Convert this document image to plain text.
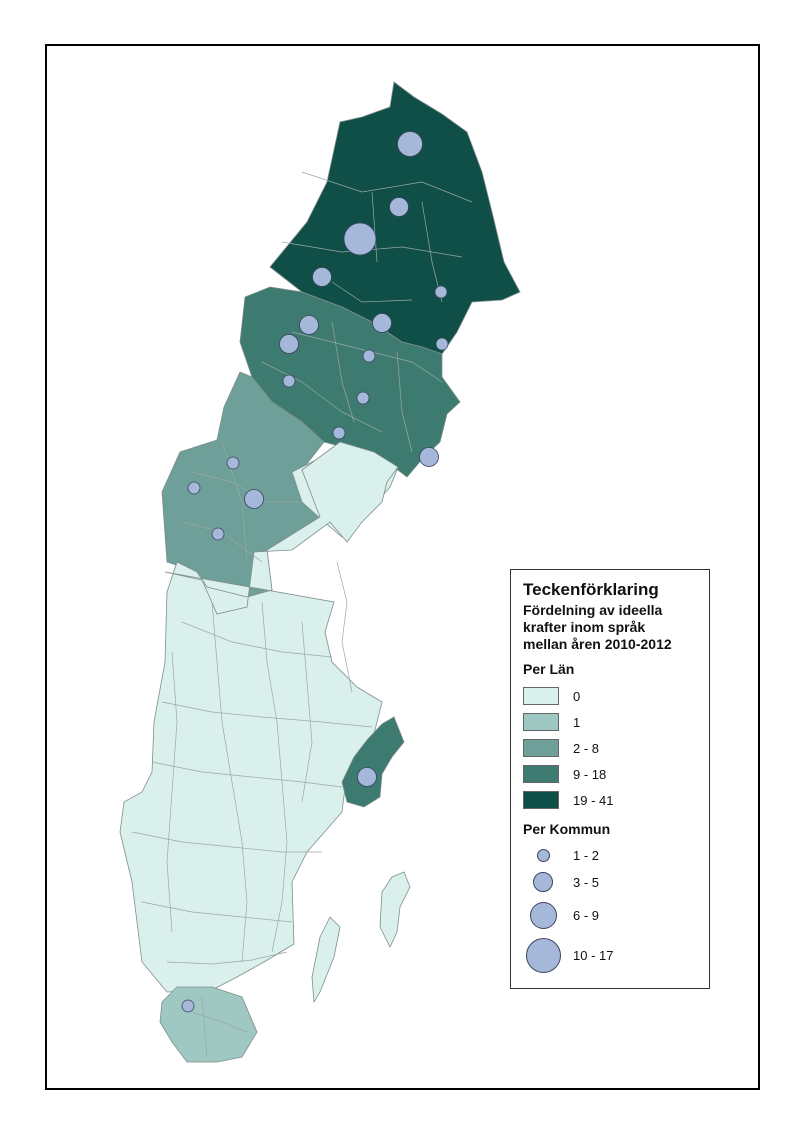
Teckenförklaring
Fördelning av ideella
krafter inom språk
mellan åren 2010-2012
Per Län
0
1
2 - 8
9 - 18
19 - 41
Per Kommun
1 - 2
3 - 5
6 - 9
10 - 17
